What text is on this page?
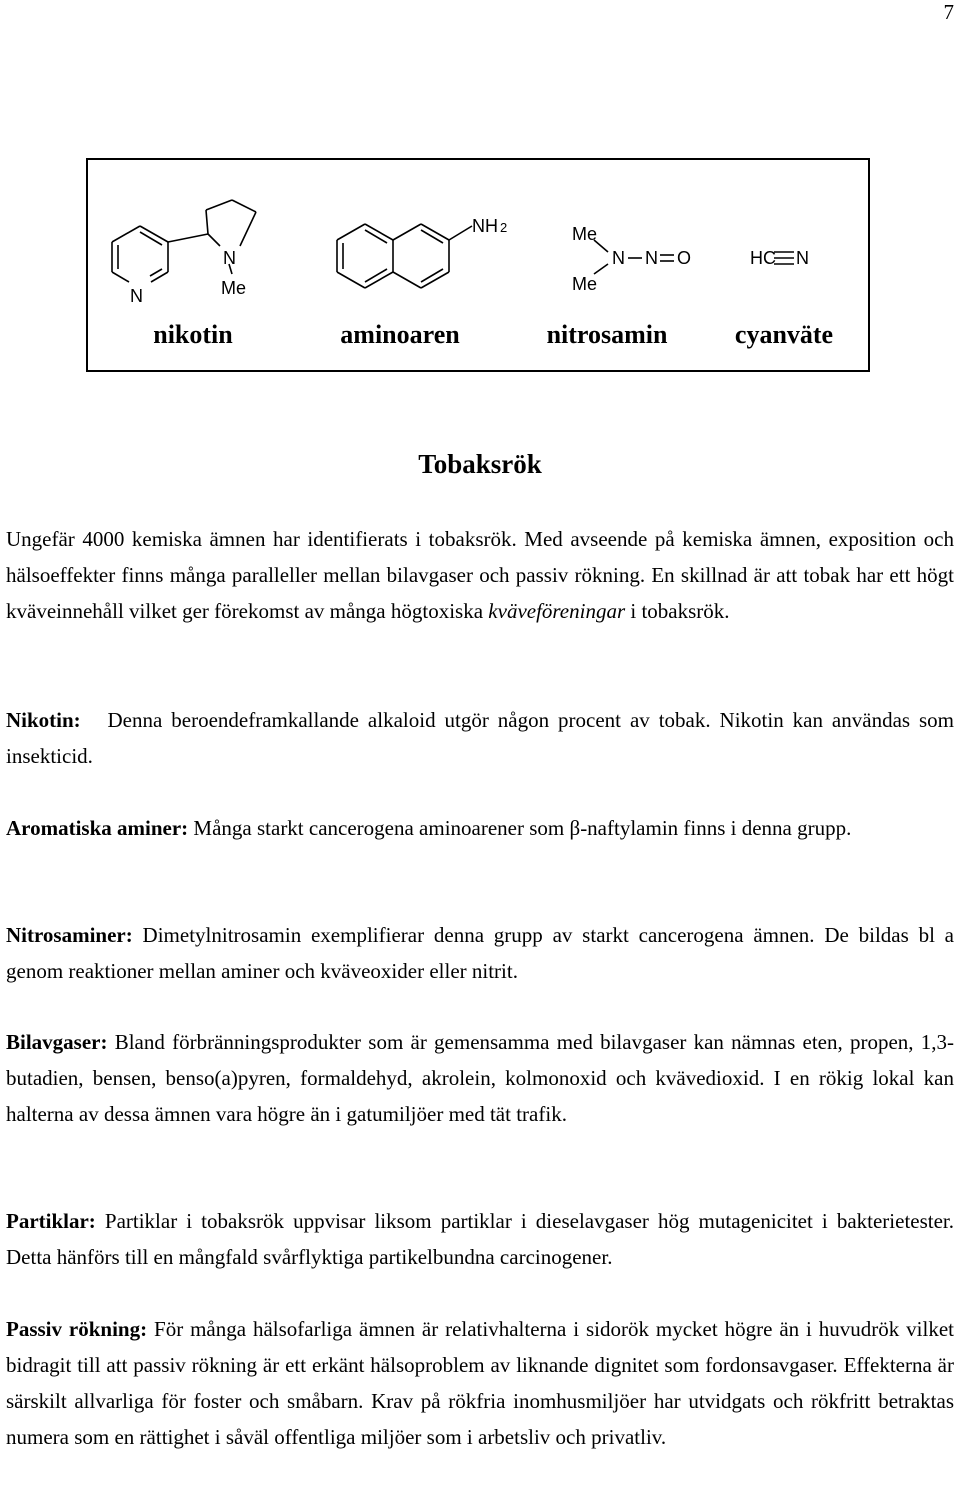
7
N
N
Me
NH 2	Me
Me
N N O	HC N
nikotin	aminoaren	nitrosamin	cyanväte
Tobaksrök

Ungefär 4000 kemiska ämnen har identifierats i tobaksrök. Med avseende på kemiska ämnen, exposition och hälsoeffekter finns många paralleller mellan bilavgaser och passiv rökning. En skillnad är att tobak har ett högt kväveinnehåll vilket ger förekomst av många högtoxiska kväveföreningar i tobaksrök.

Nikotin: Denna beroendeframkallande alkaloid utgör någon procent av tobak. Nikotin kan användas som insekticid.

Aromatiska aminer: Många starkt cancerogena aminoarener som β-naftylamin finns i denna grupp.

Nitrosaminer: Dimetylnitrosamin exemplifierar denna grupp av starkt cancerogena ämnen. De bildas bl a genom reaktioner mellan aminer och kväveoxider eller nitrit.

Bilavgaser: Bland förbränningsprodukter som är gemensamma med bilavgaser kan nämnas eten, propen, 1,3-butadien, bensen, benso(a)pyren, formaldehyd, akrolein, kolmonoxid och kvävedioxid. I en rökig lokal kan halterna av dessa ämnen vara högre än i gatumiljöer med tät trafik.

Partiklar: Partiklar i tobaksrök uppvisar liksom partiklar i dieselavgaser hög mutagenicitet i bakterietester. Detta hänförs till en mångfald svårflyktiga partikelbundna carcinogener.

Passiv rökning: För många hälsofarliga ämnen är relativhalterna i sidorök mycket högre än i huvudrök vilket bidragit till att passiv rökning är ett erkänt hälsoproblem av liknande dignitet som fordonsavgaser. Effekterna är särskilt allvarliga för foster och småbarn. Krav på rökfria inomhusmiljöer har utvidgats och rökfritt betraktas numera som en rättighet i såväl offentliga miljöer som i arbetsliv och privatliv.
